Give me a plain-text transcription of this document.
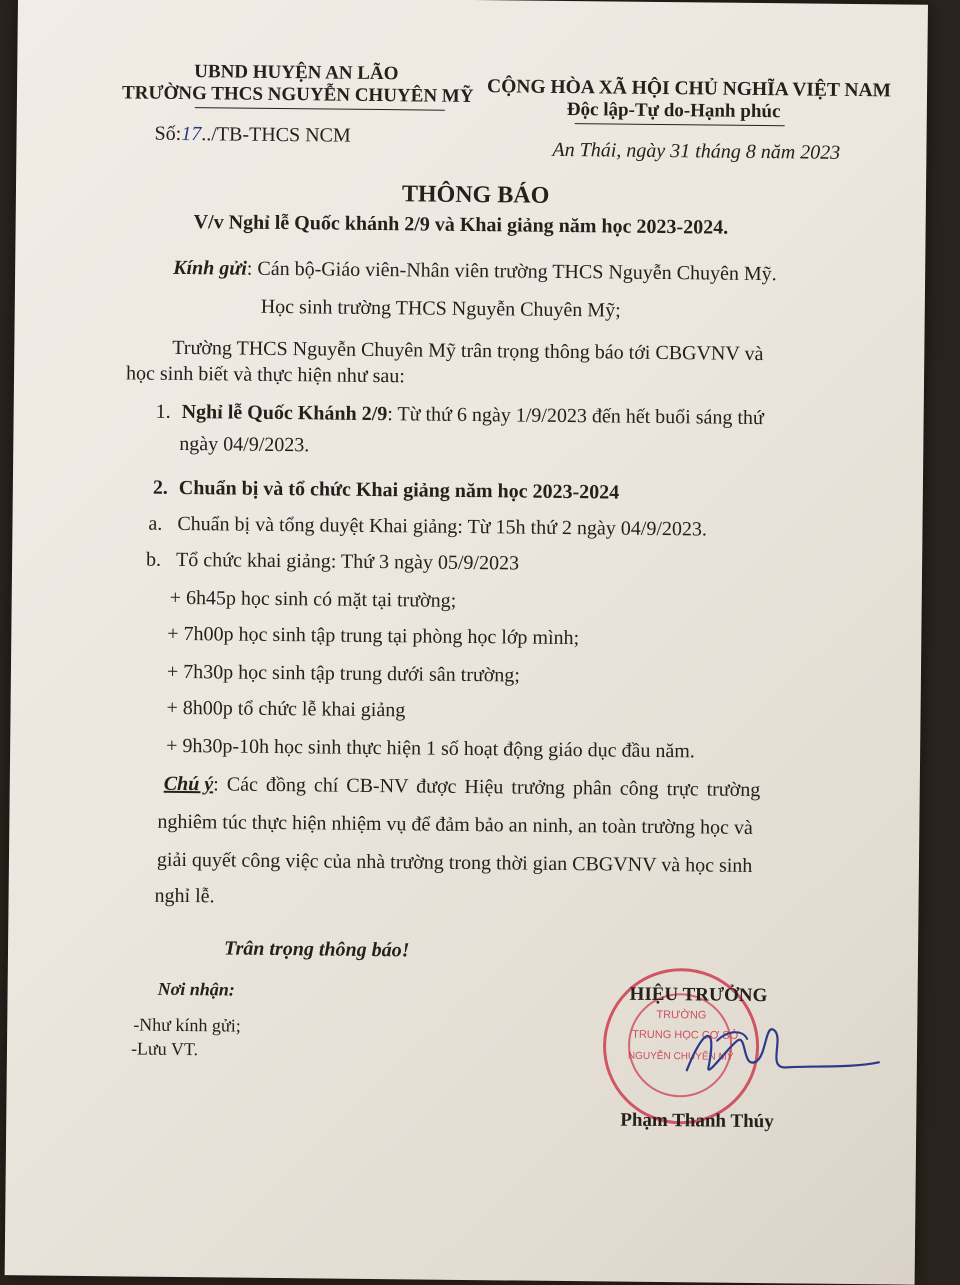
UBND HUYỆN AN LÃO
TRƯỜNG THCS NGUYỄN CHUYÊN MỸ CỘNG HÒA XÃ HỘI CHỦ NGHĨA VIỆT NAM
Độc lập-Tự do-Hạnh phúc
Số:17../TB-THCS NCM
An Thái, ngày 31 tháng 8 năm 2023
THÔNG BÁO
V/v Nghỉ lễ Quốc khánh 2/9 và Khai giảng năm học 2023-2024.
Kính gửi: Cán bộ-Giáo viên-Nhân viên trường THCS Nguyễn Chuyên Mỹ.
Học sinh trường THCS Nguyễn Chuyên Mỹ;
Trường THCS Nguyễn Chuyên Mỹ trân trọng thông báo tới CBGVNV và
học sinh biết và thực hiện như sau:
1. Nghỉ lễ Quốc Khánh 2/9: Từ thứ 6 ngày 1/9/2023 đến hết buổi sáng thứ
ngày 04/9/2023.
2. Chuẩn bị và tổ chức Khai giảng năm học 2023-2024
a. Chuẩn bị và tổng duyệt Khai giảng: Từ 15h thứ 2 ngày 04/9/2023.
b. Tổ chức khai giảng: Thứ 3 ngày 05/9/2023
+ 6h45p học sinh có mặt tại trường;
+ 7h00p học sinh tập trung tại phòng học lớp mình;
+ 7h30p học sinh tập trung dưới sân trường;
+ 8h00p tổ chức lễ khai giảng
+ 9h30p-10h học sinh thực hiện 1 số hoạt động giáo dục đầu năm.
Chú ý: Các đồng chí CB-NV được Hiệu trưởng phân công trực trường
nghiêm túc thực hiện nhiệm vụ để đảm bảo an ninh, an toàn trường học và
giải quyết công việc của nhà trường trong thời gian CBGVNV và học sinh
nghỉ lễ.
Trân trọng thông báo!
Nơi nhận:
-Như kính gửi;
-Lưu VT.
TRƯỜNG
TRUNG HỌC CƠ SỞ
NGUYỄN CHUYÊN MỸ
HIỆU TRƯỞNG
Phạm Thanh Thúy
